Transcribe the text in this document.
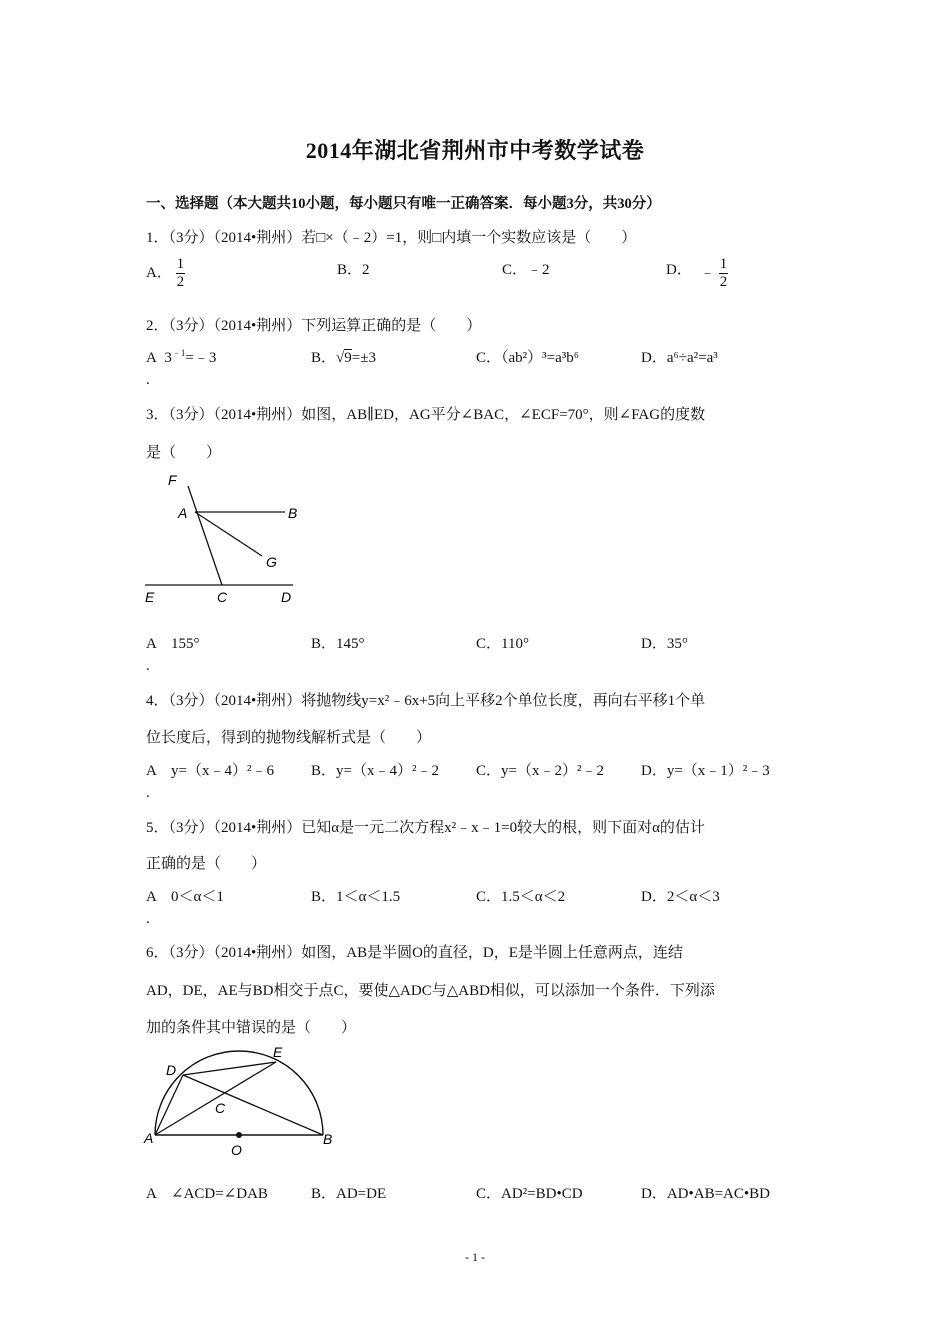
2014年湖北省荆州市中考数学试卷
一、选择题（本大题共10小题，每小题只有唯一正确答案．每小题3分，共30分）
1．（3分）（2014•荆州）若□×（﹣2）=1，则□内填一个实数应该是（　　）
A． $\frac{1}{2}$	B．2	C．﹣2	D． ﹣ $\frac{1}{2}$
2．（3分）（2014•荆州）下列运算正确的是（　　）
A $3^{﹣1}=﹣3$
.
B．√9=±3	C．（ab²）³=a³b⁶	D．a⁶÷a²=a³
3．（3分）（2014•荆州）如图，AB∥ED，AG平分∠BAC，∠ECF=70°，则∠FAG的度数
是（　　）
F
A	B
G
E	C	D
A　155°
.
B．145°	C．110°	D．35°
4．（3分）（2014•荆州）将抛物线y=x²﹣6x+5向上平移2个单位长度，再向右平移1个单
位长度后，得到的抛物线解析式是（　　）
A　y=（x﹣4）²﹣6
.
B．y=（x﹣4）²﹣2 C．y=（x﹣2）²﹣2 D．y=（x﹣1）²﹣3
5．（3分）（2014•荆州）已知α是一元二次方程x²﹣x﹣1=0较大的根，则下面对α的估计
正确的是（　　）
A　0＜α＜1
.
B．1＜α＜1.5	C．1.5＜α＜2	D．2＜α＜3
6．（3分）（2014•荆州）如图，AB是半圆O的直径，D，E是半圆上任意两点，连结
AD，DE，AE与BD相交于点C，要使△ADC与△ABD相似，可以添加一个条件．下列添
加的条件其中错误的是（　　）
D
E
C
A
O
B
A　∠ACD=∠DAB	B．AD=DE	C．AD²=BD•CD	D．AD•AB=AC•BD
- 1 -
